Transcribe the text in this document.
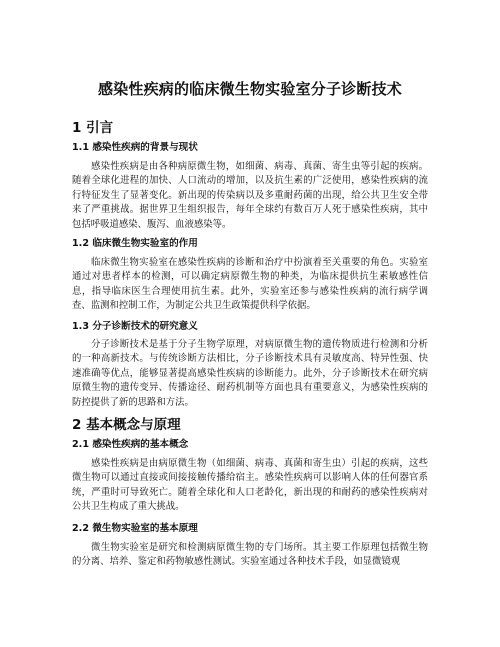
感染性疾病的临床微生物实验室分子诊断技术
1 引言
1.1 感染性疾病的背景与现状
感染性疾病是由各种病原微生物，如细菌、病毒、真菌、寄生虫等引起的疾病。随着全球化进程的加快、人口流动的增加，以及抗生素的广泛使用，感染性疾病的流行特征发生了显著变化。新出现的传染病以及多重耐药菌的出现，给公共卫生安全带来了严重挑战。据世界卫生组织报告，每年全球约有数百万人死于感染性疾病，其中包括呼吸道感染、腹泻、血液感染等。
1.2 临床微生物实验室的作用
临床微生物实验室在感染性疾病的诊断和治疗中扮演着至关重要的角色。实验室通过对患者样本的检测，可以确定病原微生物的种类，为临床提供抗生素敏感性信息，指导临床医生合理使用抗生素。此外，实验室还参与感染性疾病的流行病学调查、监测和控制工作，为制定公共卫生政策提供科学依据。
1.3 分子诊断技术的研究意义
分子诊断技术是基于分子生物学原理，对病原微生物的遗传物质进行检测和分析的一种高新技术。与传统诊断方法相比，分子诊断技术具有灵敏度高、特异性强、快速准确等优点，能够显著提高感染性疾病的诊断能力。此外，分子诊断技术在研究病原微生物的遗传变异、传播途径、耐药机制等方面也具有重要意义，为感染性疾病的防控提供了新的思路和方法。
2 基本概念与原理
2.1 感染性疾病的基本概念
感染性疾病是由病原微生物（如细菌、病毒、真菌和寄生虫）引起的疾病，这些微生物可以通过直接或间接接触传播给宿主。感染性疾病可以影响人体的任何器官系统，严重时可导致死亡。随着全球化和人口老龄化，新出现的和耐药的感染性疾病对公共卫生构成了重大挑战。
2.2 微生物实验室的基本原理
微生物实验室是研究和检测病原微生物的专门场所。其主要工作原理包括微生物的分离、培养、鉴定和药物敏感性测试。实验室通过各种技术手段，如显微镜观
